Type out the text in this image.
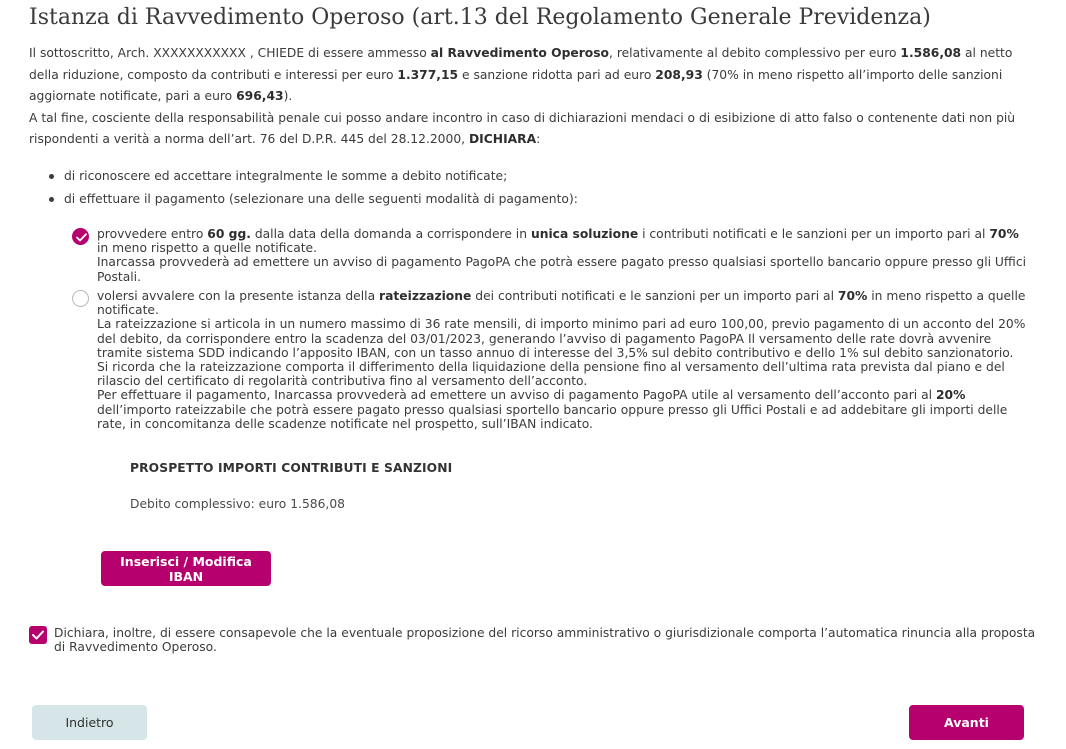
Istanza di Ravvedimento Operoso (art.13 del Regolamento Generale Previdenza)
Il sottoscritto, Arch. XXXXXXXXXXX , CHIEDE di essere ammesso al Ravvedimento Operoso, relativamente al debito complessivo per euro 1.586,08 al netto della riduzione, composto da contributi e interessi per euro 1.377,15 e sanzione ridotta pari ad euro 208,93 (70% in meno rispetto all’importo delle sanzioni aggiornate notificate, pari a euro 696,43).
A tal fine, cosciente della responsabilità penale cui posso andare incontro in caso di dichiarazioni mendaci o di esibizione di atto falso o contenente dati non più rispondenti a verità a norma dell’art. 76 del D.P.R. 445 del 28.12.2000, DICHIARA:
di riconoscere ed accettare integralmente le somme a debito notificate;
di effettuare il pagamento (selezionare una delle seguenti modalità di pagamento):
provvedere entro 60 gg. dalla data della domanda a corrispondere in unica soluzione i contributi notificati e le sanzioni per un importo pari al 70% in meno rispetto a quelle notificate.
Inarcassa provvederà ad emettere un avviso di pagamento PagoPA che potrà essere pagato presso qualsiasi sportello bancario oppure presso gli Uffici Postali.
volersi avvalere con la presente istanza della rateizzazione dei contributi notificati e le sanzioni per un importo pari al 70% in meno rispetto a quelle notificate.
La rateizzazione si articola in un numero massimo di 36 rate mensili, di importo minimo pari ad euro 100,00, previo pagamento di un acconto del 20% del debito, da corrispondere entro la scadenza del 03/01/2023, generando l’avviso di pagamento PagoPA Il versamento delle rate dovrà avvenire tramite sistema SDD indicando l’apposito IBAN, con un tasso annuo di interesse del 3,5% sul debito contributivo e dello 1% sul debito sanzionatorio.
Si ricorda che la rateizzazione comporta il differimento della liquidazione della pensione fino al versamento dell’ultima rata prevista dal piano e del rilascio del certificato di regolarità contributiva fino al versamento dell’acconto.
Per effettuare il pagamento, Inarcassa provvederà ad emettere un avviso di pagamento PagoPA utile al versamento dell’acconto pari al 20% dell’importo rateizzabile che potrà essere pagato presso qualsiasi sportello bancario oppure presso gli Uffici Postali e ad addebitare gli importi delle rate, in concomitanza delle scadenze notificate nel prospetto, sull’IBAN indicato.
PROSPETTO IMPORTI CONTRIBUTI E SANZIONI
Debito complessivo: euro 1.586,08
Inserisci / Modifica IBAN
Dichiara, inoltre, di essere consapevole che la eventuale proposizione del ricorso amministrativo o giurisdizionale comporta l’automatica rinuncia alla proposta di Ravvedimento Operoso.
Indietro	Avanti
